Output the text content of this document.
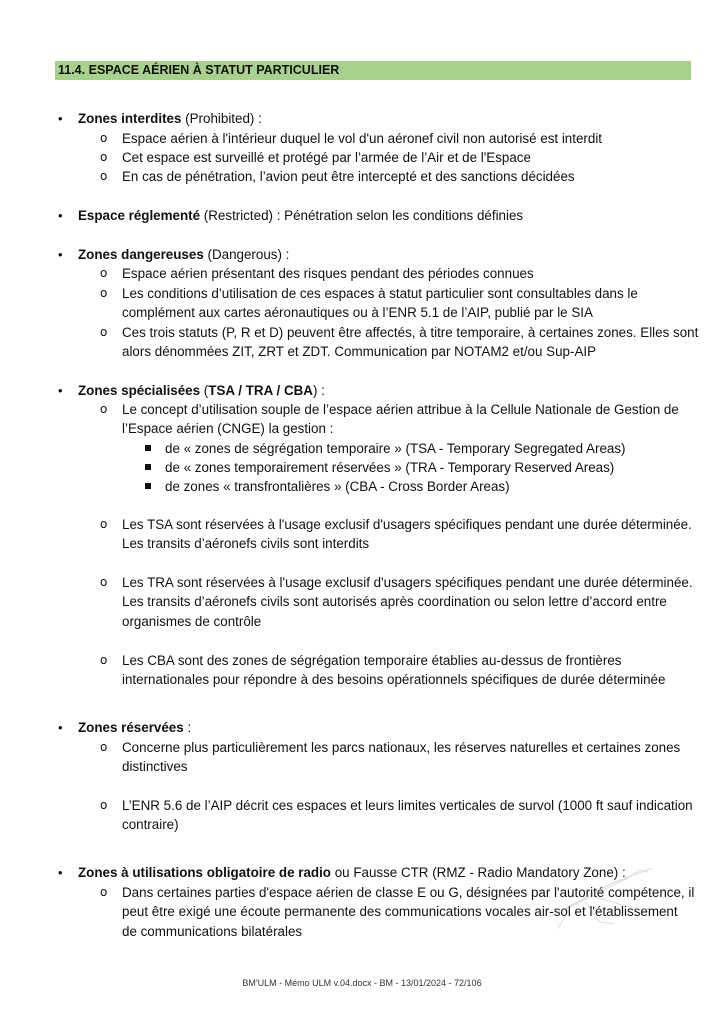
11.4. ESPACE AÉRIEN À STATUT PARTICULIER
• Zones interdites (Prohibited) :
o Espace aérien à l'intérieur duquel le vol d'un aéronef civil non autorisé est interdit
o Cet espace est surveillé et protégé par l’armée de l’Air et de l'Espace
o En cas de pénétration, l’avion peut être intercepté et des sanctions décidées
• Espace réglementé (Restricted) : Pénétration selon les conditions définies
• Zones dangereuses (Dangerous) :
o Espace aérien présentant des risques pendant des périodes connues
o Les conditions d’utilisation de ces espaces à statut particulier sont consultables dans le
complément aux cartes aéronautiques ou à l’ENR 5.1 de l’AIP, publié par le SIA
o Ces trois statuts (P, R et D) peuvent être affectés, à titre temporaire, à certaines zones. Elles sont
alors dénommées ZIT, ZRT et ZDT. Communication par NOTAM2 et/ou Sup-AIP
• Zones spécialisées (TSA / TRA / CBA) :
o Le concept d’utilisation souple de l’espace aérien attribue à la Cellule Nationale de Gestion de
l’Espace aérien (CNGE) la gestion :
de « zones de ségrégation temporaire » (TSA - Temporary Segregated Areas)
de « zones temporairement réservées » (TRA - Temporary Reserved Areas)
de zones « transfrontalières » (CBA - Cross Border Areas)
o Les TSA sont réservées à l'usage exclusif d'usagers spécifiques pendant une durée déterminée.
Les transits d’aéronefs civils sont interdits
o Les TRA sont réservées à l'usage exclusif d'usagers spécifiques pendant une durée déterminée.
Les transits d’aéronefs civils sont autorisés après coordination ou selon lettre d’accord entre
organismes de contrôle
o Les CBA sont des zones de ségrégation temporaire établies au-dessus de frontières
internationales pour répondre à des besoins opérationnels spécifiques de durée déterminée
• Zones réservées :
o Concerne plus particulièrement les parcs nationaux, les réserves naturelles et certaines zones
distinctives
o L’ENR 5.6 de l’AIP décrit ces espaces et leurs limites verticales de survol (1000 ft sauf indication
contraire)
• Zones à utilisations obligatoire de radio ou Fausse CTR (RMZ - Radio Mandatory Zone) :
o Dans certaines parties d'espace aérien de classe E ou G, désignées par l'autorité compétence, il
peut être exigé une écoute permanente des communications vocales air-sol et l'établissement
de communications bilatérales
BM'ULM - Mémo ULM v.04.docx - BM - 13/01/2024 - 72/106
